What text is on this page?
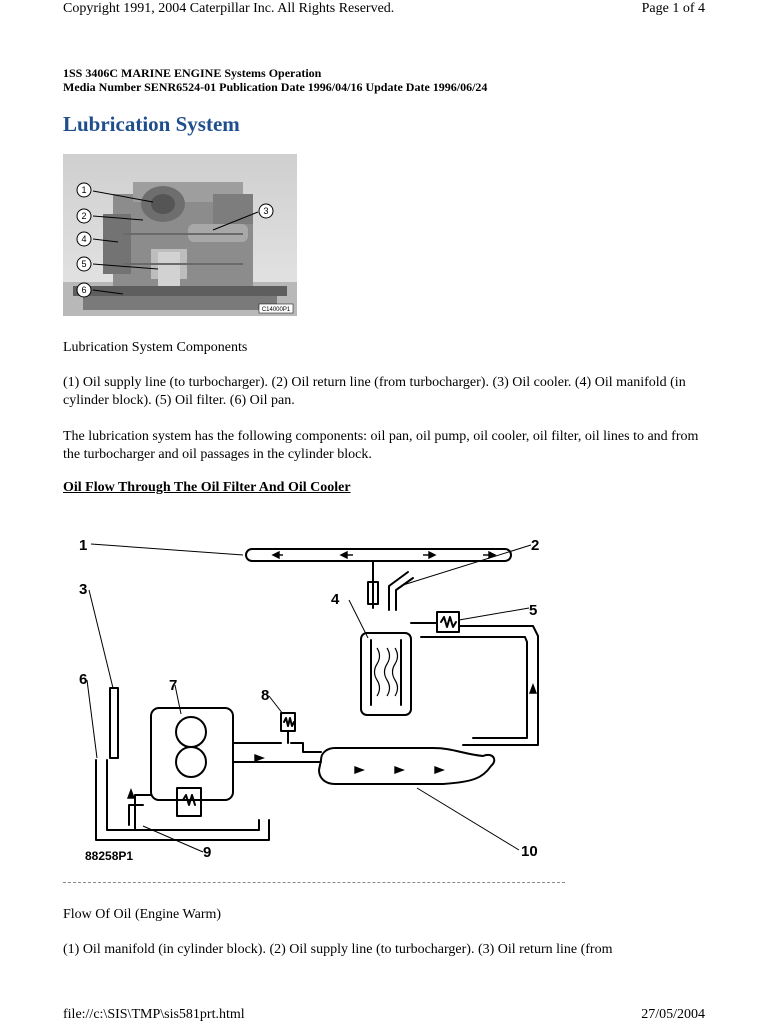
Copyright 1991, 2004 Caterpillar Inc. All Rights Reserved.	Page 1 of 4
1SS 3406C MARINE ENGINE Systems Operation
Media Number SENR6524-01 Publication Date 1996/04/16 Update Date 1996/06/24
Lubrication System
1
2	3
4
5
6
C14000P1
Lubrication System Components
(1) Oil supply line (to turbocharger). (2) Oil return line (from turbocharger). (3) Oil cooler. (4) Oil manifold (in cylinder block). (5) Oil filter. (6) Oil pan.
The lubrication system has the following components: oil pan, oil pump, oil cooler, oil filter, oil lines to and from the turbocharger and oil passages in the cylinder block.
Oil Flow Through The Oil Filter And Oil Cooler
1	2
3
4
5
6	7
8
9	10
88258P1
Flow Of Oil (Engine Warm)
(1) Oil manifold (in cylinder block). (2) Oil supply line (to turbocharger). (3) Oil return line (from
file://c:\SIS\TMP\sis581prt.html	27/05/2004
